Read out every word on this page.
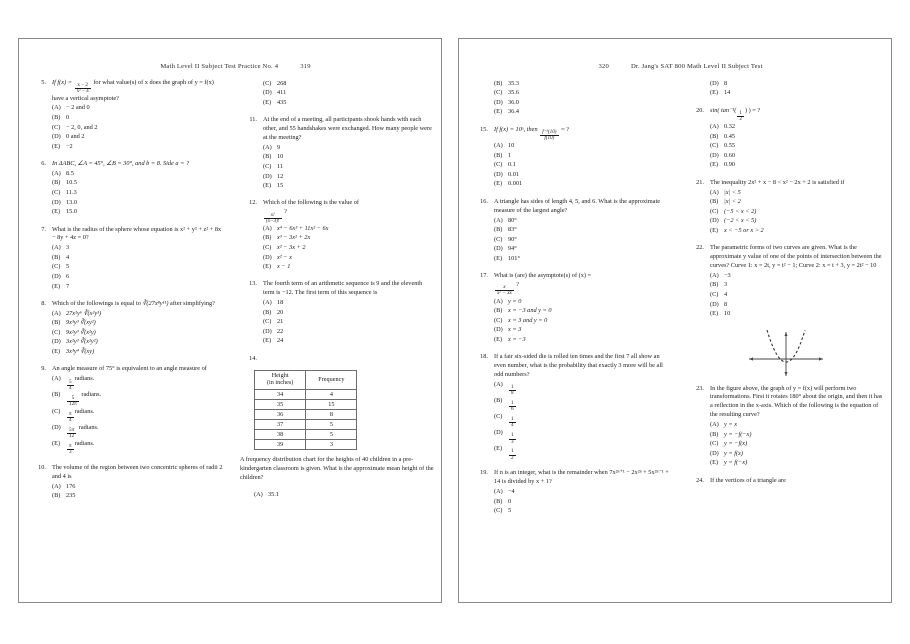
Math Level II Subject Test Practice No. 4	319

5. If f(x) =
$\frac{x - 2}{\text{x² − 4}}$
for what value(s) of x does the graph of y = f(x) have a vertical asymptote?
(A) − 2 and 0
(B) 0
(C) − 2, 0, and 2
(D) 0 and 2
(E) −2
6. In ΔABC, ∠A = 45°, ∠B = 30°, and b = 8. Side a = ?
(A) 8.5
(B) 10.5
(C) 11.3
(D) 13.0
(E) 15.0
7. What is the radius of the sphere whose equation is x² + y² + z² + 8x − 8y + 4z = 0?
(A) 3
(B) 4
(C) 5
(D) 6
(E) 7
8. Which of the followings is equal to ∛(27x⁸y¹¹) after simplifying?
(A) 27x²y⁶ ∛(x²y³)
(B) 9x³y³ ∛(xy²)
(C) 9x²y³ ∛(x²y)
(D) 3x²y³ ∛(x²y²)
(E) 3x³y⁴ ∛(xy)
9. An angle measure of 75° is equivalent to an angle measure of
(A)
$\frac{5}{4}$
radians.
(B)
$\frac{5}{12\pi}$
radians.
(C)
$\frac{\pi}{4}$
radians.
(D)
$\frac{5\pi}{12}$
radians.
(E)
$\frac{\pi}{3}$
radians.
10. The volume of the region between two concentric spheres of radii 2 and 4 is
(A) 176
(B) 235
(C) 268
(D) 411
(E) 435
11. At the end of a meeting, all participants shook hands with each other, and 55 handshakes were exchanged. How many people were at the meeting?
(A) 9
(B) 10
(C) 11
(D) 12
(E) 15
12. Which of the following is the value of

$\frac{x!}{(x-3)!}$
?
(A) x⁴ − 6x³ + 11x² − 6x
(B) x³ − 3x² + 2x
(C) x² − 3x + 2
(D) x² − x
(E) x − 1
13. The fourth term of an arithmetic sequence is 9 and the eleventh term is −12. The first term of this sequence is
(A) 18
(B) 20
(C) 21
(D) 22
(E) 24
14.
Height
(in inches)	Frequency
34	4
35	15
36	8
37	5
38	5
39	3
A frequency distribution chart for the heights of 40 children in a pre-kindergarten classroom is given. What is the approximate mean height of the children?
(A) 35.1

320	Dr. Jang's SAT 800 Math Level II Subject Test

(B) 35.3
(C) 35.6
(D) 36.0
(E) 36.4
15. If f(x) = 10ˣ, then
$\frac{\text{f⁻¹(10)}}{f(10)}$
= ?
(A) 10
(B) 1
(C) 0.1
(D) 0.01
(E) 0.001
16. A triangle has sides of length 4, 5, and 6. What is the approximate measure of the largest angle?
(A) 80°
(B) 83°
(C) 90°
(D) 94°
(E) 101°
17. What is (are) the asymptote(s) of (x) =

$\frac{x}{\text{x² − 3x}}$
?
(A) y = 0
(B) x = −3 and y = 0
(C) x = 3 and y = 0
(D) x = 3
(E) x = −3
18. If a fair six-sided die is rolled ten times and the first 7 all show an even number, what is the probability that exactly 3 more will be all odd numbers?
(A)
$\frac{1}{8}$
(B)
$\frac{1}{6}$
(C)
$\frac{1}{4}$
(D)
$\frac{1}{3}$
(E)
$\frac{1}{2}$
19. If n is an integer, what is the remainder when 7x²ⁿ⁺¹ − 2x²ⁿ + 5x²ⁿ⁻¹ + 14 is divided by x + 1?
(A) −4
(B) 0
(C) 5
(D) 8
(E) 14
20. sin( tan⁻¹(
$\frac{1}{2}$
) ) = ?
(A) 0.32
(B) 0.45
(C) 0.55
(D) 0.60
(E) 0.90
21. The inequality 2x² + x − 8 < x² − 2x + 2 is satisfied if
(A) |x| < 5
(B) |x| < 2
(C) (−5 < x < 2)
(D) (−2 < x < 5)
(E) x < −5 or x > 2
22. The parametric forms of two curves are given. What is the approximate y value of one of the points of intersection between the curves? Curve 1: x = 2t, y = t² − 1; Curve 2: x = t + 3, y = 2t² − 10
(A) −3
(B) 3
(C) 4
(D) 8
(E) 10
23. In the figure above, the graph of y = f(x) will perform two transformations. First it rotates 180° about the origin, and then it has a reflection in the x-axis. Which of the following is the equation of the resulting curve?
(A) y = x
(B) y = −f(−x)
(C) y = −f(x)
(D) y = f(x)
(E) y = f(−x)
24. If the vertices of a triangle are
